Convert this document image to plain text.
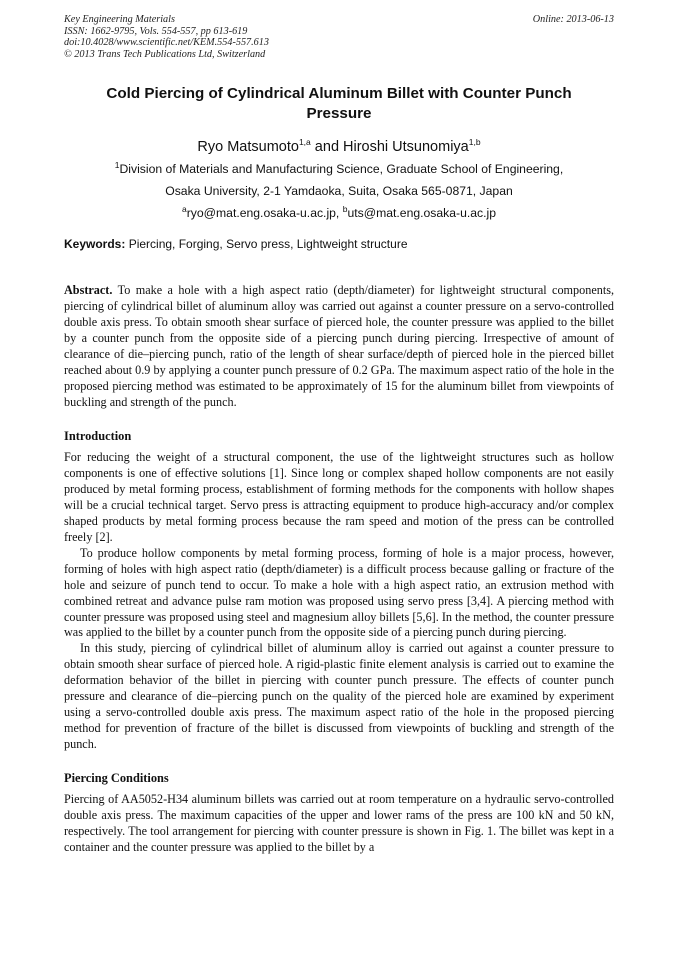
Key Engineering Materials
ISSN: 1662-9795, Vols. 554-557, pp 613-619
doi:10.4028/www.scientific.net/KEM.554-557.613
© 2013 Trans Tech Publications Ltd, Switzerland
Online: 2013-06-13
Cold Piercing of Cylindrical Aluminum Billet with Counter Punch Pressure
Ryo Matsumoto$^{1,a}$ and Hiroshi Utsunomiya$^{1,b}$
$^1$Division of Materials and Manufacturing Science, Graduate School of Engineering,
Osaka University, 2-1 Yamdaoka, Suita, Osaka 565-0871, Japan
$^a$ryo@mat.eng.osaka-u.ac.jp, $^b$uts@mat.eng.osaka-u.ac.jp
Keywords: Piercing, Forging, Servo press, Lightweight structure
Abstract. To make a hole with a high aspect ratio (depth/diameter) for lightweight structural components, piercing of cylindrical billet of aluminum alloy was carried out against a counter pressure on a servo-controlled double axis press. To obtain smooth shear surface of pierced hole, the counter pressure was applied to the billet by a counter punch from the opposite side of a piercing punch during piercing. Irrespective of amount of clearance of die–piercing punch, ratio of the length of shear surface/depth of pierced hole in the pierced billet reached about 0.9 by applying a counter punch pressure of 0.2 GPa. The maximum aspect ratio of the hole in the proposed piercing method was estimated to be approximately of 15 for the aluminum billet from viewpoints of buckling and strength of the punch.
Introduction
For reducing the weight of a structural component, the use of the lightweight structures such as hollow components is one of effective solutions [1]. Since long or complex shaped hollow components are not easily produced by metal forming process, establishment of forming methods for the components with hollow shapes will be a crucial technical target. Servo press is attracting equipment to produce high-accuracy and/or complex shaped products by metal forming process because the ram speed and motion of the press can be controlled freely [2].
To produce hollow components by metal forming process, forming of hole is a major process, however, forming of holes with high aspect ratio (depth/diameter) is a difficult process because galling or fracture of the hole and seizure of punch tend to occur. To make a hole with a high aspect ratio, an extrusion method with combined retreat and advance pulse ram motion was proposed using servo press [3,4]. A piercing method with counter pressure was proposed using steel and magnesium alloy billets [5,6]. In the method, the counter pressure was applied to the billet by a counter punch from the opposite side of a piercing punch during piercing.
In this study, piercing of cylindrical billet of aluminum alloy is carried out against a counter pressure to obtain smooth shear surface of pierced hole. A rigid-plastic finite element analysis is carried out to examine the deformation behavior of the billet in piercing with counter punch pressure. The effects of counter punch pressure and clearance of die–piercing punch on the quality of the pierced hole are examined by experiment using a servo-controlled double axis press. The maximum aspect ratio of the hole in the proposed piercing method for prevention of fracture of the billet is discussed from viewpoints of buckling and strength of the punch.
Piercing Conditions
Piercing of AA5052-H34 aluminum billets was carried out at room temperature on a hydraulic servo-controlled double axis press. The maximum capacities of the upper and lower rams of the press are 100 kN and 50 kN, respectively. The tool arrangement for piercing with counter pressure is shown in Fig. 1. The billet was kept in a container and the counter pressure was applied to the billet by a
